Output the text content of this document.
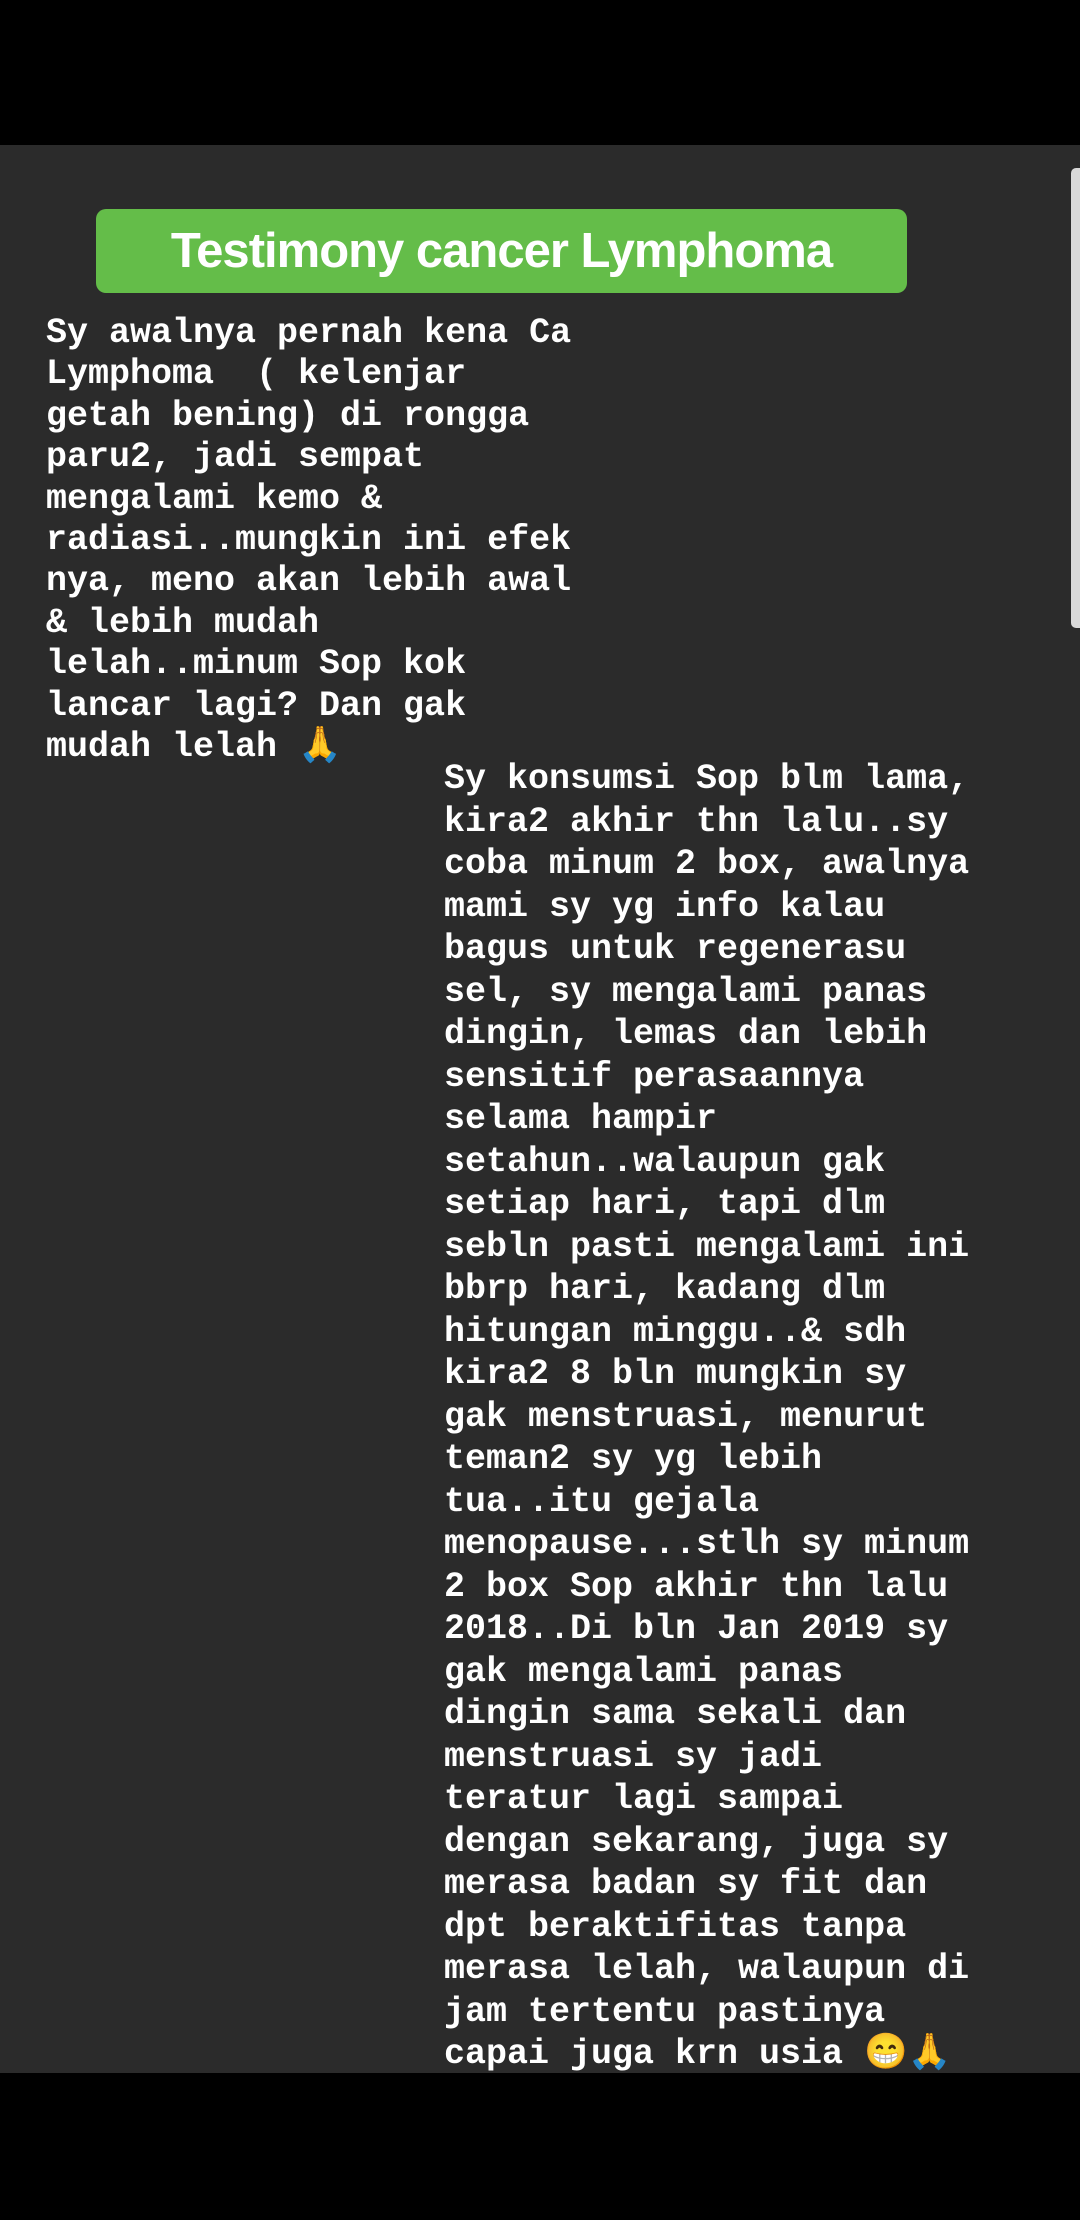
Testimony cancer Lymphoma
Sy awalnya pernah kena Ca
Lymphoma  ( kelenjar
getah bening) di rongga
paru2, jadi sempat
mengalami kemo &
radiasi..mungkin ini efek
nya, meno akan lebih awal
& lebih mudah
lelah..minum Sop kok
lancar lagi? Dan gak
mudah lelah 🙏
Sy konsumsi Sop blm lama,
kira2 akhir thn lalu..sy
coba minum 2 box, awalnya
mami sy yg info kalau
bagus untuk regenerasu
sel, sy mengalami panas
dingin, lemas dan lebih
sensitif perasaannya
selama hampir
setahun..walaupun gak
setiap hari, tapi dlm
sebln pasti mengalami ini
bbrp hari, kadang dlm
hitungan minggu..& sdh
kira2 8 bln mungkin sy
gak menstruasi, menurut
teman2 sy yg lebih
tua..itu gejala
menopause...stlh sy minum
2 box Sop akhir thn lalu
2018..Di bln Jan 2019 sy
gak mengalami panas
dingin sama sekali dan
menstruasi sy jadi
teratur lagi sampai
dengan sekarang, juga sy
merasa badan sy fit dan
dpt beraktifitas tanpa
merasa lelah, walaupun di
jam tertentu pastinya
capai juga krn usia 😁🙏
